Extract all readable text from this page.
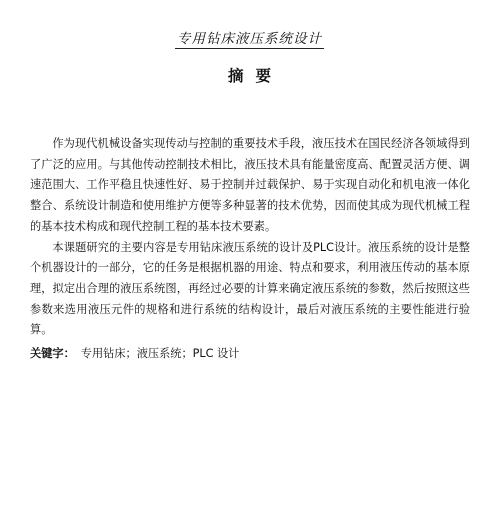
专用钻床液压系统设计
摘要

作为现代机械设备实现传动与控制的重要技术手段，液压技术在国民经济各领域得到了广泛的应用。与其他传动控制技术相比，液压技术具有能量密度高、配置灵活方便、调速范围大、工作平稳且快速性好、易于控制并过载保护、易于实现自动化和机电液一体化整合、系统设计制造和使用维护方便等多种显著的技术优势，因而使其成为现代机械工程的基本技术构成和现代控制工程的基本技术要素。

本课题研究的主要内容是专用钻床液压系统的设计及PLC设计。液压系统的设计是整个机器设计的一部分，它的任务是根据机器的用途、特点和要求，利用液压传动的基本原理，拟定出合理的液压系统图，再经过必要的计算来确定液压系统的参数，然后按照这些参数来选用液压元件的规格和进行系统的结构设计，最后对液压系统的主要性能进行验算。

关键字： 专用钻床；液压系统；PLC 设计
